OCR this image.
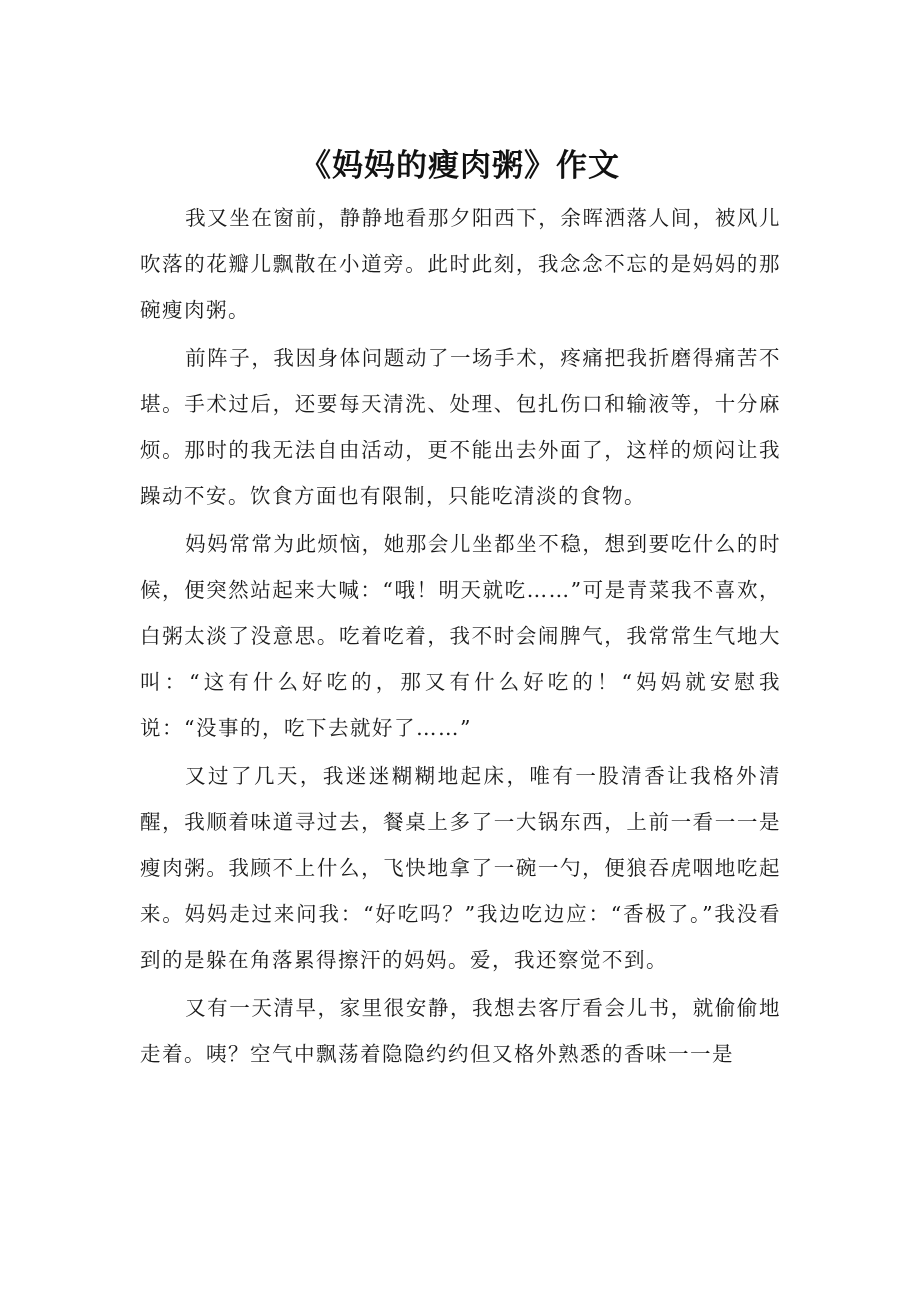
《妈妈的瘦肉粥》作文

我又坐在窗前，静静地看那夕阳西下，余晖洒落人间，被风儿吹落的花瓣儿飘散在小道旁。此时此刻，我念念不忘的是妈妈的那碗瘦肉粥。

前阵子，我因身体问题动了一场手术，疼痛把我折磨得痛苦不堪。手术过后，还要每天清洗、处理、包扎伤口和输液等，十分麻烦。那时的我无法自由活动，更不能出去外面了，这样的烦闷让我躁动不安。饮食方面也有限制，只能吃清淡的食物。

妈妈常常为此烦恼，她那会儿坐都坐不稳，想到要吃什么的时候，便突然站起来大喊：“哦！明天就吃……”可是青菜我不喜欢，白粥太淡了没意思。吃着吃着，我不时会闹脾气，我常常生气地大叫：“这有什么好吃的，那又有什么好吃的！“妈妈就安慰我说：“没事的，吃下去就好了……”

又过了几天，我迷迷糊糊地起床，唯有一股清香让我格外清醒，我顺着味道寻过去，餐桌上多了一大锅东西，上前一看一一是瘦肉粥。我顾不上什么，飞快地拿了一碗一勺，便狼吞虎咽地吃起来。妈妈走过来问我：“好吃吗？”我边吃边应：“香极了。”我没看到的是躲在角落累得擦汗的妈妈。爱，我还察觉不到。

又有一天清早，家里很安静，我想去客厅看会儿书，就偷偷地走着。咦？空气中飘荡着隐隐约约但又格外熟悉的香味一一是
